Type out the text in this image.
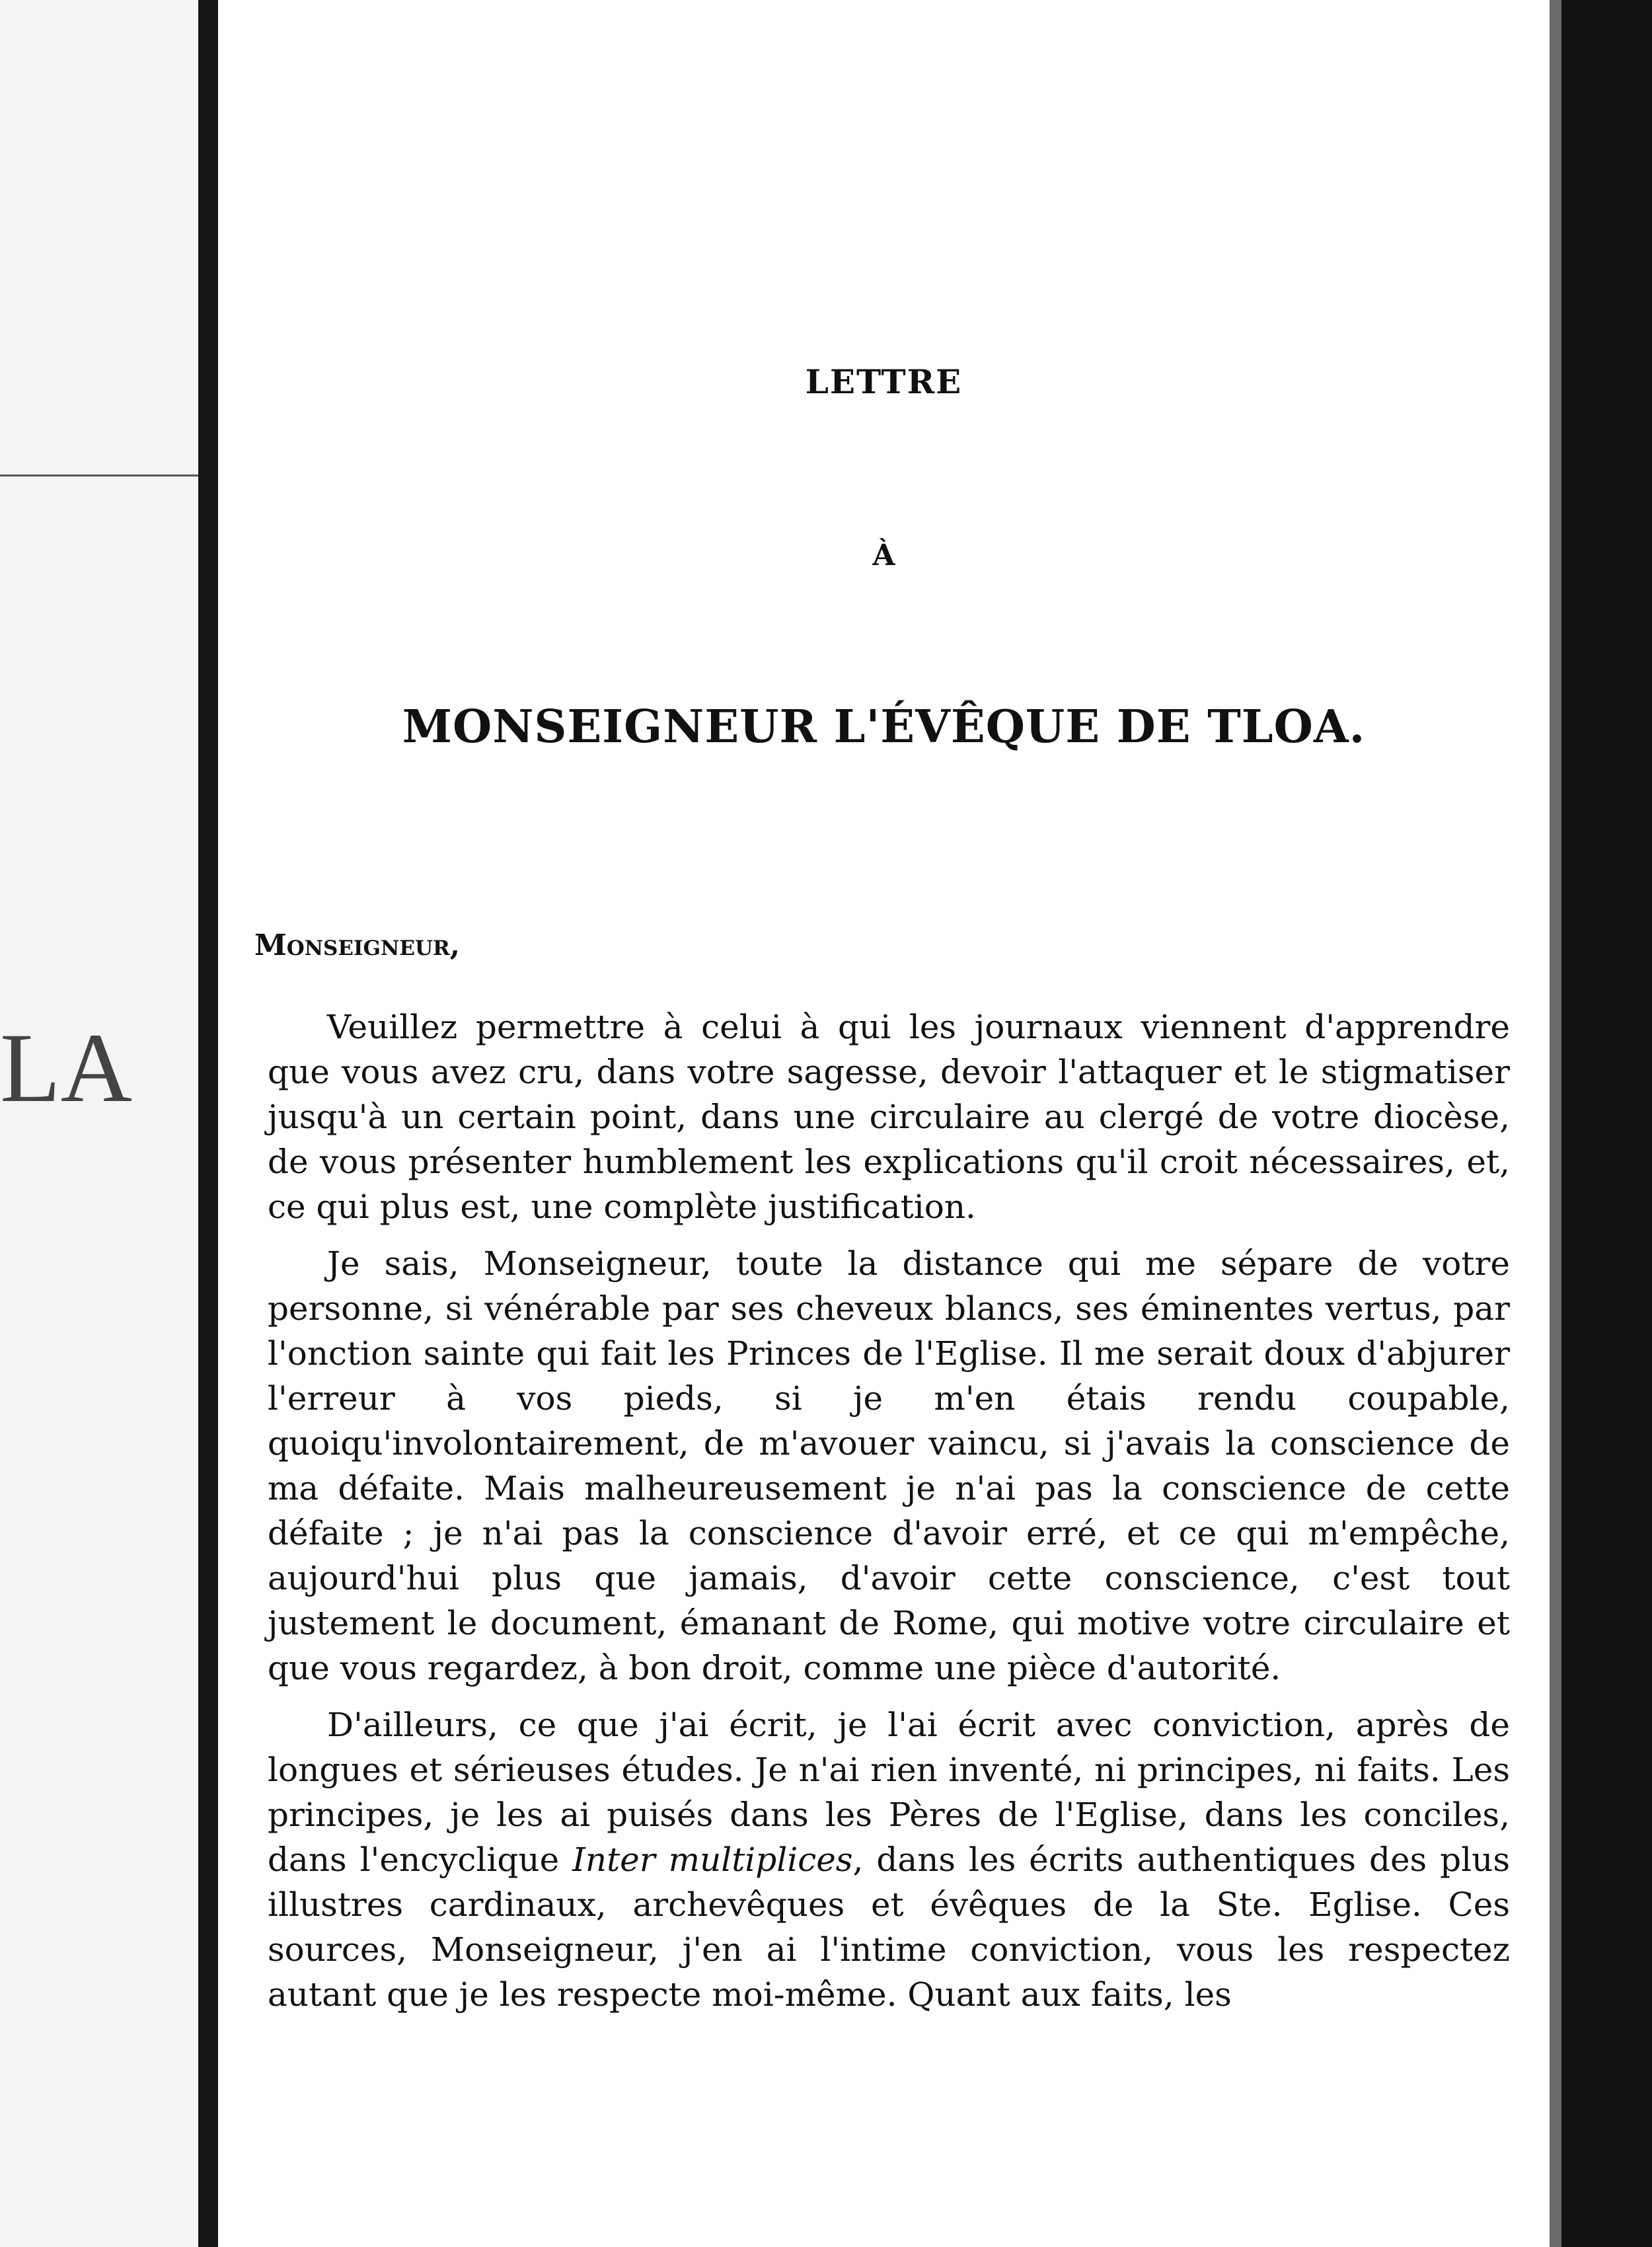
LA
LETTRE
À
MONSEIGNEUR L'ÉVÊQUE DE TLOA.
Monseigneur,

Veuillez permettre à celui à qui les journaux viennent d'apprendre que vous avez cru, dans votre sagesse, devoir l'attaquer et le stigmatiser jusqu'à un certain point, dans une circulaire au clergé de votre diocèse, de vous présenter humblement les explications qu'il croit nécessaires, et, ce qui plus est, une complète justification.

Je sais, Monseigneur, toute la distance qui me sépare de votre personne, si vénérable par ses cheveux blancs, ses éminentes vertus, par l'onction sainte qui fait les Princes de l'Eglise. Il me serait doux d'abjurer l'erreur à vos pieds, si je m'en étais rendu coupable, quoiqu'involontairement, de m'avouer vaincu, si j'avais la conscience de ma défaite. Mais malheureusement je n'ai pas la conscience de cette défaite ; je n'ai pas la conscience d'avoir erré, et ce qui m'empêche, aujourd'hui plus que jamais, d'avoir cette conscience, c'est tout justement le document, émanant de Rome, qui motive votre circulaire et que vous regardez, à bon droit, comme une pièce d'autorité.

D'ailleurs, ce que j'ai écrit, je l'ai écrit avec conviction, après de longues et sérieuses études. Je n'ai rien inventé, ni principes, ni faits. Les principes, je les ai puisés dans les Pères de l'Eglise, dans les conciles, dans l'encyclique Inter multiplices, dans les écrits authentiques des plus illustres cardinaux, archevêques et évêques de la Ste. Eglise. Ces sources, Monseigneur, j'en ai l'intime conviction, vous les respectez autant que je les respecte moi-même. Quant aux faits, les
